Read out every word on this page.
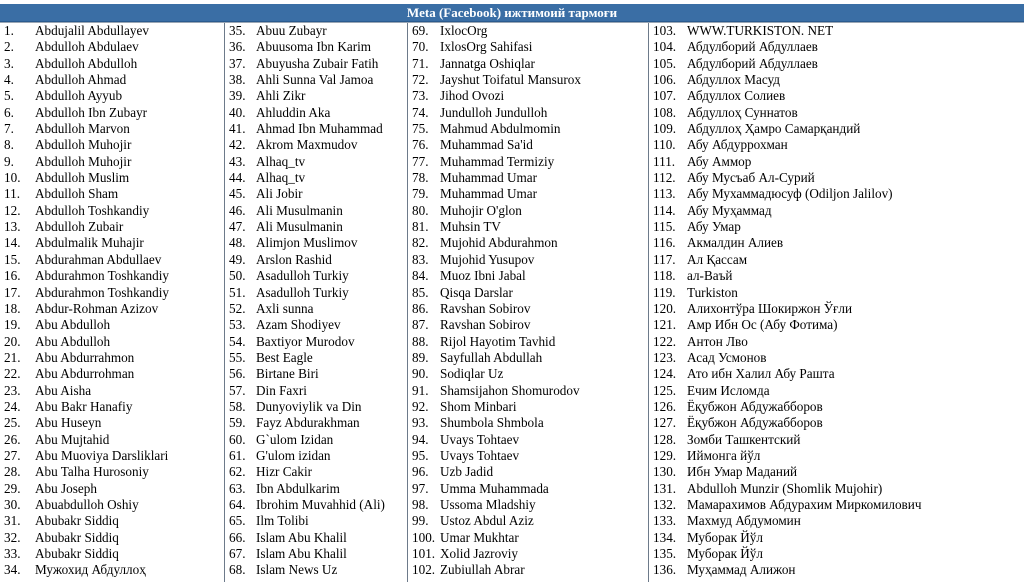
Meta (Facebook) ижтимоий тармоғи
1.	Abdujalil Abdullayev
2.	Abdulloh Abdulaev
3.	Abdulloh Abdulloh
4.	Abdulloh Ahmad
5.	Abdulloh Ayyub
6.	Abdulloh Ibn Zubayr
7.	Abdulloh Marvon
8.	Abdulloh Muhojir
9.	Abdulloh Muhojir
10.	Abdulloh Muslim
11.	Abdulloh Sham
12.	Abdulloh Toshkandiy
13.	Abdulloh Zubair
14.	Abdulmalik Muhajir
15.	Abdurahman Abdullaev
16.	Abdurahmon Toshkandiy
17.	Abdurahmon Toshkandiy
18.	Abdur-Rohman Azizov
19.	Abu Abdulloh
20.	Abu Abdulloh
21.	Abu Abdurrahmon
22.	Abu Abdurrohman
23.	Abu Aisha
24.	Abu Bakr Hanafiy
25.	Abu Huseyn
26.	Abu Mujtahid
27.	Abu Muoviya Darsliklari
28.	Abu Talha Hurosoniy
29.	Abu Joseph
30.	Abuabdulloh Oshiy
31.	Abubakr Siddiq
32.	Abubakr Siddiq
33.	Abubakr Siddiq
34.	Мужохид Абдуллоҳ
35. Abuu Zubayr
36. Abuusoma Ibn Karim
37. Abuyusha Zubair Fatih
38. Ahli Sunna Val Jamoa
39. Ahli Zikr
40. Ahluddin Aka
41. Ahmad Ibn Muhammad
42. Akrom Maxmudov
43. Alhaq_tv
44. Alhaq_tv
45. Ali Jobir
46. Ali Musulmanin
47. Ali Musulmanin
48. Alimjon Muslimov
49. Arslon Rashid
50. Asadulloh Turkiy
51. Asadulloh Turkiy
52. Axli sunna
53. Azam Shodiyev
54. Baxtiyor Murodov
55. Best Eagle
56. Birtane Biri
57. Din Faxri
58. Dunyoviylik va Din
59. Fayz Abdurakhman
60. G`ulom Izidan
61. G'ulom izidan
62. Hizr Cakir
63. Ibn Abdulkarim
64. Ibrohim Muvahhid (Ali)
65. Ilm Tolibi
66. Islam Abu Khalil
67. Islam Abu Khalil
68. Islam News Uz
69. IxlocOrg
70. IxlosOrg Sahifasi
71. Jannatga Oshiqlar
72. Jayshut Toifatul Mansurox
73. Jihod Ovozi
74. Jundulloh Jundulloh
75. Mahmud Abdulmomin
76. Muhammad Sa'id
77. Muhammad Termiziy
78. Muhammad Umar
79. Muhammad Umar
80. Muhojir O'glon
81. Muhsin TV
82. Mujohid Abdurahmon
83. Mujohid Yusupov
84. Muoz Ibni Jabal
85. Qisqa Darslar
86. Ravshan Sobirov
87. Ravshan Sobirov
88. Rijol Hayotim Tavhid
89. Sayfullah Abdullah
90. Sodiqlar Uz
91. Shamsijahon Shomurodov
92. Shom Minbari
93. Shumbola Shmbola
94. Uvays Tohtaev
95. Uvays Tohtaev
96. Uzb Jadid
97. Umma Muhammada
98. Ussoma Mladshiy
99. Ustoz Abdul Aziz
100. Umar Mukhtar
101. Xolid Jazroviy
102. Zubiullah Abrar
103. WWW.TURKISTON. NET
104. Абдулборий Абдуллаев
105. Абдулборий Абдуллаев
106. Абдуллох Масуд
107. Абдуллох Солиев
108. Абдуллоҳ Суннатов
109. Абдуллоҳ Ҳамро Самарқандий
110. Абу Абдуррохман
111. Абу Аммор
112. Абу Мусъаб Ал-Сурий
113. Абу Мухаммадюсуф (Odiljon Jalilov)
114. Абу Муҳаммад
115. Абу Умар
116. Акмалдин Алиев
117. Ал Қассам
118. ал-Ваъй
119. Turkiston
120. Алихонтўра Шокиржон Ўғли
121. Амр Ибн Ос (Абу Фотима)
122. Антон Лво
123. Асад Усмонов
124. Ато ибн Халил Абу Рашта
125. Ечим Исломда
126. Ёқубжон Абдужабборов
127. Ёқубжон Абдужабборов
128. Зомби Ташкентский
129. Иймонга йўл
130. Ибн Умар Маданий
131. Abdulloh Munzir (Shomlik Mujohir)
132. Мамарахимов Абдурахим Миркомилович
133. Махмуд Абдумомин
134. Муборак Йўл
135. Муборак Йўл
136. Муҳаммад Алижон
